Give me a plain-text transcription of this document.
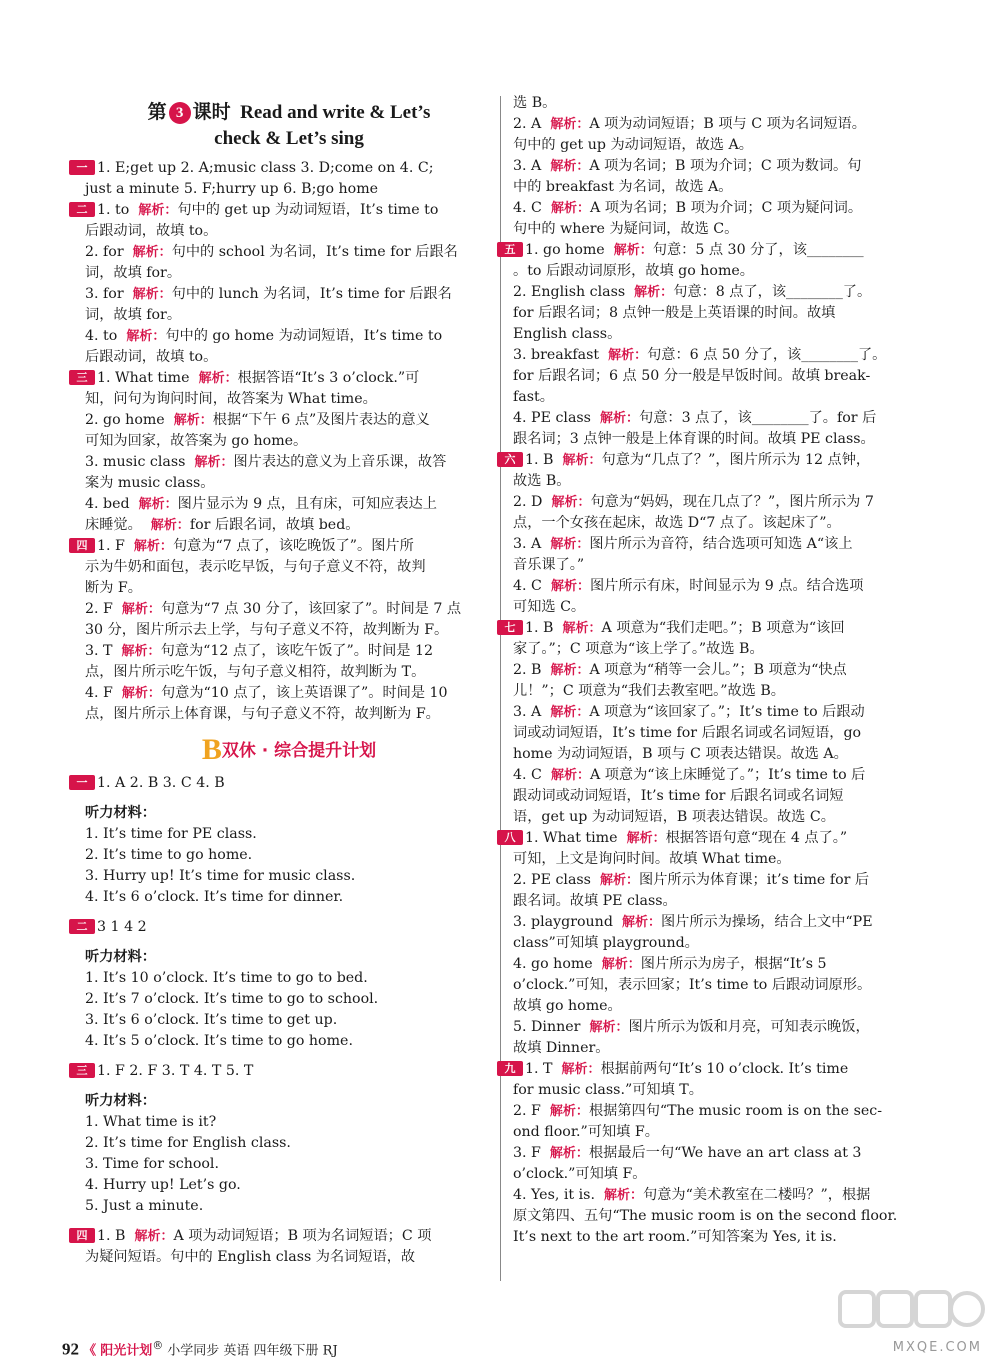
第 3 课时 Read and write & Let’s
check & Let’s sing
一 1. E;get up 2. A;music class 3. D;come on 4. C;
just a minute 5. F;hurry up 6. B;go home
二 1. to 解析：句中的 get up 为动词短语，It’s time to
后跟动词，故填 to。
2. for 解析：句中的 school 为名词，It’s time for 后跟名
词，故填 for。
3. for 解析：句中的 lunch 为名词，It’s time for 后跟名
词，故填 for。
4. to 解析：句中的 go home 为动词短语，It’s time to
后跟动词，故填 to。
三 1. What time 解析：根据答语“It’s 3 o’clock.”可
知，问句为询问时间，故答案为 What time。
2. go home 解析：根据“下午 6 点”及图片表达的意义
可知为回家，故答案为 go home。
3. music class 解析：图片表达的意义为上音乐课，故答
案为 music class。
4. bed 解析：图片显示为 9 点，且有床，可知应表达上
床睡觉。 解析：for 后跟名词，故填 bed。
四 1. F 解析：句意为“7 点了，该吃晚饭了”。图片所
示为牛奶和面包，表示吃早饭，与句子意义不符，故判
断为 F。
2. F 解析：句意为“7 点 30 分了，该回家了”。时间是 7 点
30 分，图片所示去上学，与句子意义不符，故判断为 F。
3. T 解析：句意为“12 点了，该吃午饭了”。时间是 12
点，图片所示吃午饭，与句子意义相符，故判断为 T。
4. F 解析：句意为“10 点了，该上英语课了”。时间是 10
点，图片所示上体育课，与句子意义不符，故判断为 F。
B双休 · 综合提升计划
一 1. A 2. B 3. C 4. B
听力材料：
1. It’s time for PE class.
2. It’s time to go home.
3. Hurry up! It’s time for music class.
4. It’s 6 o’clock. It’s time for dinner.
二 3 1 4 2
听力材料：
1. It’s 10 o’clock. It’s time to go to bed.
2. It’s 7 o’clock. It’s time to go to school.
3. It’s 6 o’clock. It’s time to get up.
4. It’s 5 o’clock. It’s time to go home.
三 1. F 2. F 3. T 4. T 5. T
听力材料：
1. What time is it?
2. It’s time for English class.
3. Time for school.
4. Hurry up! Let’s go.
5. Just a minute.
四 1. B 解析：A 项为动词短语；B 项为名词短语；C 项
为疑问短语。句中的 English class 为名词短语，故
选 B。
2. A 解析：A 项为动词短语；B 项与 C 项为名词短语。
句中的 get up 为动词短语，故选 A。
3. A 解析：A 项为名词；B 项为介词；C 项为数词。句
中的 breakfast 为名词，故选 A。
4. C 解析：A 项为名词；B 项为介词；C 项为疑问词。
句中的 where 为疑问词，故选 C。
五 1. go home 解析：句意：5 点 30 分了，该________
。to 后跟动词原形，故填 go home。
2. English class 解析：句意：8 点了，该________了。
for 后跟名词；8 点钟一般是上英语课的时间。故填
English class。
3. breakfast 解析：句意：6 点 50 分了，该________了。
for 后跟名词；6 点 50 分一般是早饭时间。故填 break-
fast。
4. PE class 解析：句意：3 点了，该________了。for 后
跟名词；3 点钟一般是上体育课的时间。故填 PE class。
六 1. B 解析：句意为“几点了？”，图片所示为 12 点钟，
故选 B。
2. D 解析：句意为“妈妈，现在几点了？”，图片所示为 7
点，一个女孩在起床，故选 D“7 点了。该起床了”。
3. A 解析：图片所示为音符，结合选项可知选 A“该上
音乐课了。”
4. C 解析：图片所示有床，时间显示为 9 点。结合选项
可知选 C。
七 1. B 解析：A 项意为“我们走吧。”；B 项意为“该回
家了。”；C 项意为“该上学了。”故选 B。
2. B 解析：A 项意为“稍等一会儿。”；B 项意为“快点
儿！”；C 项意为“我们去教室吧。”故选 B。
3. A 解析：A 项意为“该回家了。”；It’s time to 后跟动
词或动词短语，It’s time for 后跟名词或名词短语，go
home 为动词短语，B 项与 C 项表达错误。故选 A。
4. C 解析：A 项意为“该上床睡觉了。”；It’s time to 后
跟动词或动词短语，It’s time for 后跟名词或名词短
语，get up 为动词短语，B 项表达错误。故选 C。
八 1. What time 解析：根据答语句意“现在 4 点了。”
可知，上文是询问时间。故填 What time。
2. PE class 解析：图片所示为体育课；it’s time for 后
跟名词。故填 PE class。
3. playground 解析：图片所示为操场，结合上文中“PE
class”可知填 playground。
4. go home 解析：图片所示为房子，根据“It’s 5
o’clock.”可知，表示回家；It’s time to 后跟动词原形。
故填 go home。
5. Dinner 解析：图片所示为饭和月亮，可知表示晚饭，
故填 Dinner。
九 1. T 解析：根据前两句“It’s 10 o’clock. It’s time
for music class.”可知填 T。
2. F 解析：根据第四句“The music room is on the sec-
ond floor.”可知填 F。
3. F 解析：根据最后一句“We have an art class at 3
o’clock.”可知填 F。
4. Yes, it is. 解析：句意为“美术教室在二楼吗？”，根据
原文第四、五句“The music room is on the second floor.
It’s next to the art room.”可知答案为 Yes, it is.
92 《 阳光计划® 小学同步 英语 四年级下册 RJ	MXQE.COM
